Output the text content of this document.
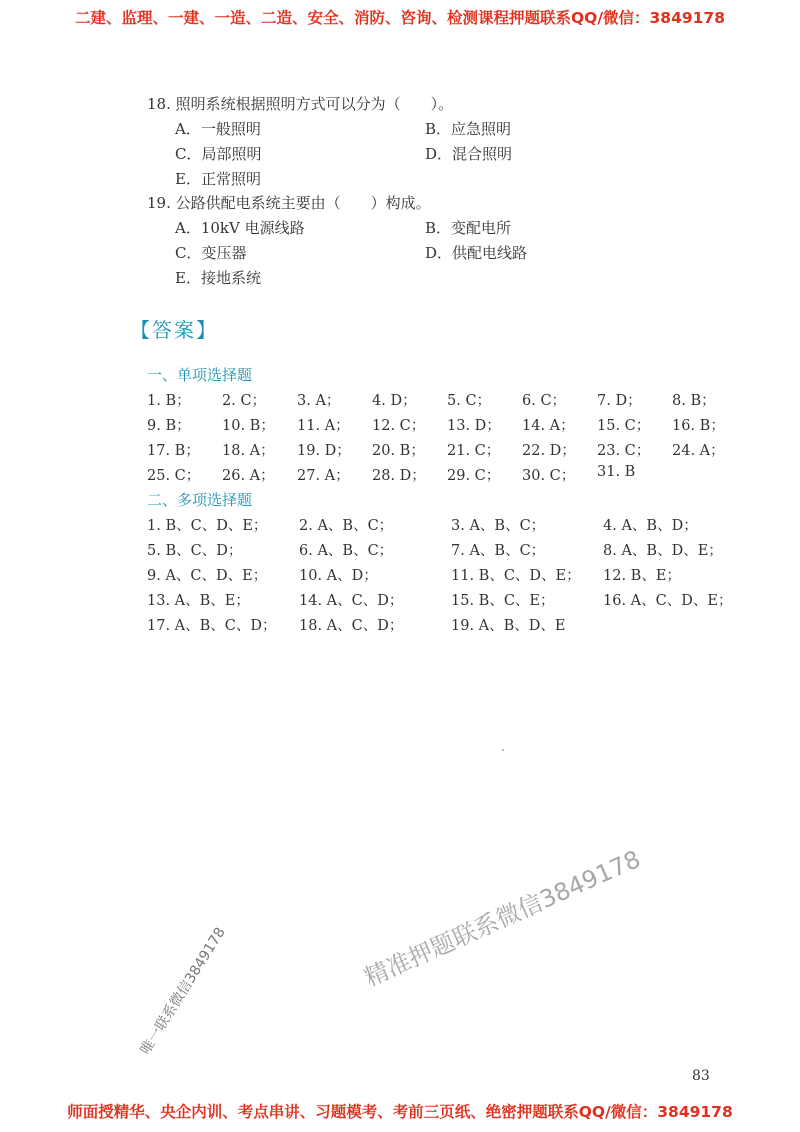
二建、监理、一建、一造、二造、安全、消防、咨询、检测课程押题联系QQ/微信：3849178
18. 照明系统根据照明方式可以分为（　　）。
A．一般照明	B．应急照明
C．局部照明	D．混合照明
E．正常照明
19. 公路供配电系统主要由（　　）构成。
A．10kV 电源线路	B．变配电所
C．变压器	D．供配电线路
E．接地系统
【答案】
一、单项选择题
1. B； 2. C； 3. A； 4. D； 5. C； 6. C； 7. D； 8. B；
9. B； 10. B； 11. A； 12. C； 13. D； 14. A； 15. C； 16. B；
17. B； 18. A； 19. D； 20. B； 21. C； 22. D； 23. C； 24. A；
25. C； 26. A； 27. A； 28. D； 29. C； 30. C； 31. B
二、多项选择题
1. B、C、D、E； 2. A、B、C；	3. A、B、C；	4. A、B、D；
5. B、C、D；	6. A、B、C；	7. A、B、C；	8. A、B、D、E；
9. A、C、D、E； 10. A、D；	11. B、C、D、E； 12. B、E；
13. A、B、E；	14. A、C、D；	15. B、C、E；	16. A、C、D、E；
17. A、B、C、D； 18. A、C、D；	19. A、B、D、E
精准押题联系微信3849178
唯一联系微信3849178
83
师面授精华、央企内训、考点串讲、习题模考、考前三页纸、绝密押题联系QQ/微信：3849178
